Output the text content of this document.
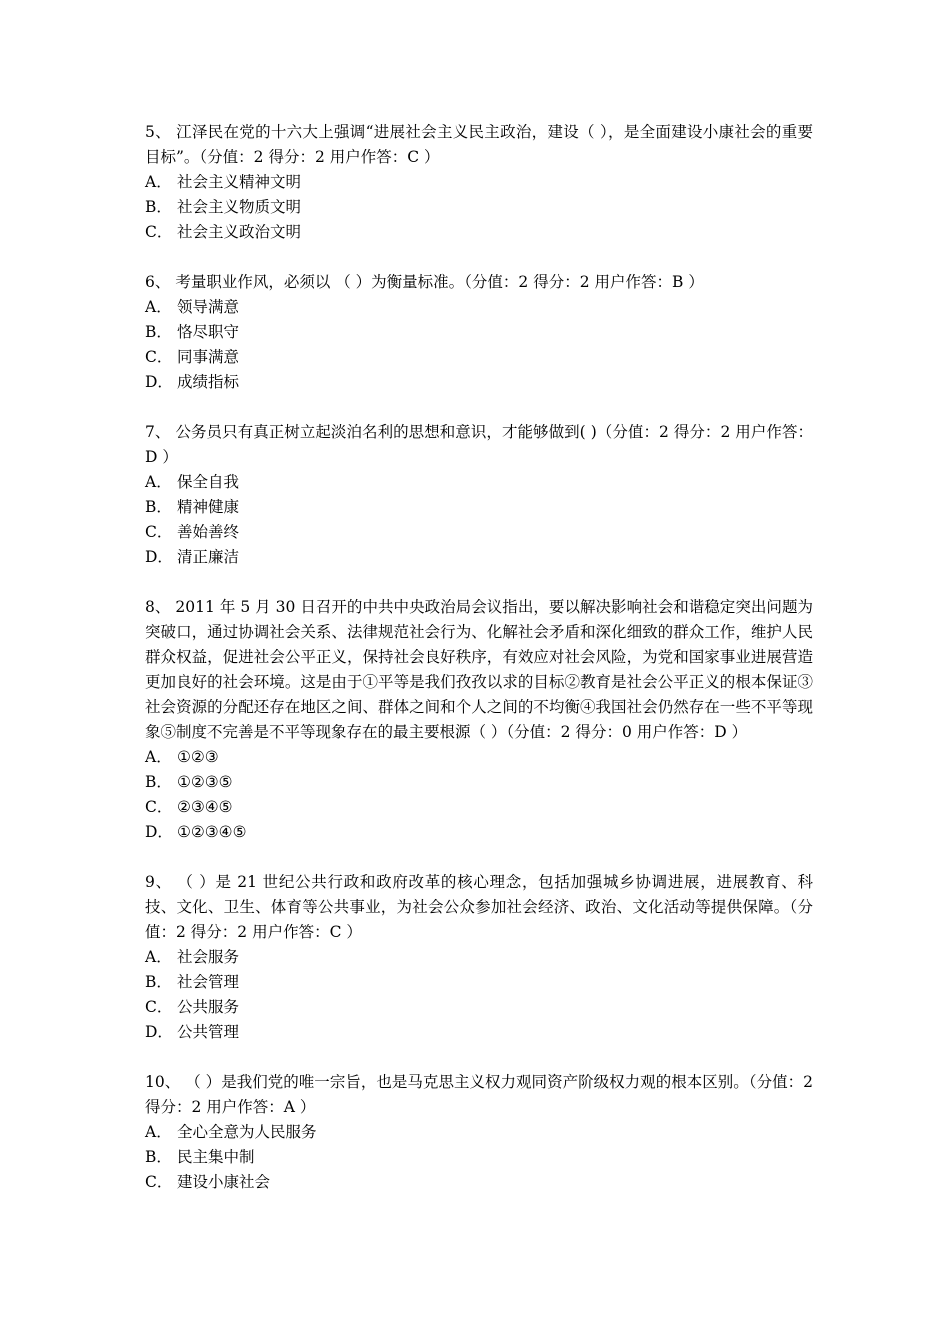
5、 江泽民在党的十六大上强调“进展社会主义民主政治，建设（ ），是全面建设小康社会的重要目标”。（分值：2 得分：2 用户作答：C ）

A． 社会主义精神文明
B． 社会主义物质文明
C． 社会主义政治文明

6、 考量职业作风，必须以 （ ）为衡量标准。（分值：2 得分：2 用户作答：B ）

A． 领导满意
B． 恪尽职守
C． 同事满意
D． 成绩指标

7、 公务员只有真正树立起淡泊名利的思想和意识，才能够做到( )（分值：2 得分：2 用户作答：D ）

A． 保全自我
B． 精神健康
C． 善始善终
D． 清正廉洁

8、 2011 年 5 月 30 日召开的中共中央政治局会议指出，要以解决影响社会和谐稳定突出问题为突破口，通过协调社会关系、法律规范社会行为、化解社会矛盾和深化细致的群众工作，维护人民群众权益，促进社会公平正义，保持社会良好秩序，有效应对社会风险，为党和国家事业进展营造更加良好的社会环境。这是由于①平等是我们孜孜以求的目标②教育是社会公平正义的根本保证③社会资源的分配还存在地区之间、群体之间和个人之间的不均衡④我国社会仍然存在一些不平等现象⑤制度不完善是不平等现象存在的最主要根源（ ）（分值：2 得分：0 用户作答：D ）

A． ①②③
B． ①②③⑤
C． ②③④⑤
D． ①②③④⑤

9、 （ ）是 21 世纪公共行政和政府改革的核心理念，包括加强城乡协调进展，进展教育、科技、文化、卫生、体育等公共事业，为社会公众参加社会经济、政治、文化活动等提供保障。（分值：2 得分：2 用户作答：C ）

A． 社会服务
B． 社会管理
C． 公共服务
D． 公共管理

10、 （ ）是我们党的唯一宗旨，也是马克思主义权力观同资产阶级权力观的根本区别。（分值：2 得分：2 用户作答：A ）

A． 全心全意为人民服务
B． 民主集中制
C． 建设小康社会
